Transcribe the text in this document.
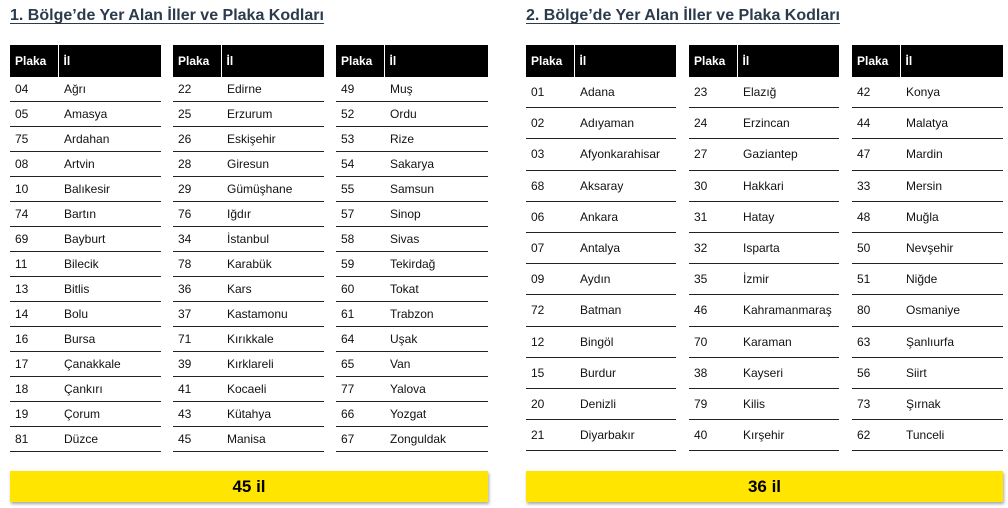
1. Bölge’de Yer Alan İller ve Plaka Kodları
Plaka	İl
04	Ağrı
05	Amasya
75	Ardahan
08	Artvin
10	Balıkesir
74	Bartın
69	Bayburt
11	Bilecik
13	Bitlis
14	Bolu
16	Bursa
17	Çanakkale
18	Çankırı
19	Çorum
81	Düzce
Plaka	İl
22	Edirne
25	Erzurum
26	Eskişehir
28	Giresun
29	Gümüşhane
76	Iğdır
34	İstanbul
78	Karabük
36	Kars
37	Kastamonu
71	Kırıkkale
39	Kırklareli
41	Kocaeli
43	Kütahya
45	Manisa
Plaka	İl
49	Muş
52	Ordu
53	Rize
54	Sakarya
55	Samsun
57	Sinop
58	Sivas
59	Tekirdağ
60	Tokat
61	Trabzon
64	Uşak
65	Van
77	Yalova
66	Yozgat
67	Zonguldak
45 il
2. Bölge’de Yer Alan İller ve Plaka Kodları
Plaka	İl
01	Adana
02	Adıyaman
03	Afyonkarahisar
68	Aksaray
06	Ankara
07	Antalya
09	Aydın
72	Batman
12	Bingöl
15	Burdur
20	Denizli
21	Diyarbakır
Plaka	İl
23	Elazığ
24	Erzincan
27	Gaziantep
30	Hakkari
31	Hatay
32	Isparta
35	İzmir
46	Kahramanmaraş
70	Karaman
38	Kayseri
79	Kilis
40	Kırşehir
Plaka	İl
42	Konya
44	Malatya
47	Mardin
33	Mersin
48	Muğla
50	Nevşehir
51	Niğde
80	Osmaniye
63	Şanlıurfa
56	Siirt
73	Şırnak
62	Tunceli
36 il
